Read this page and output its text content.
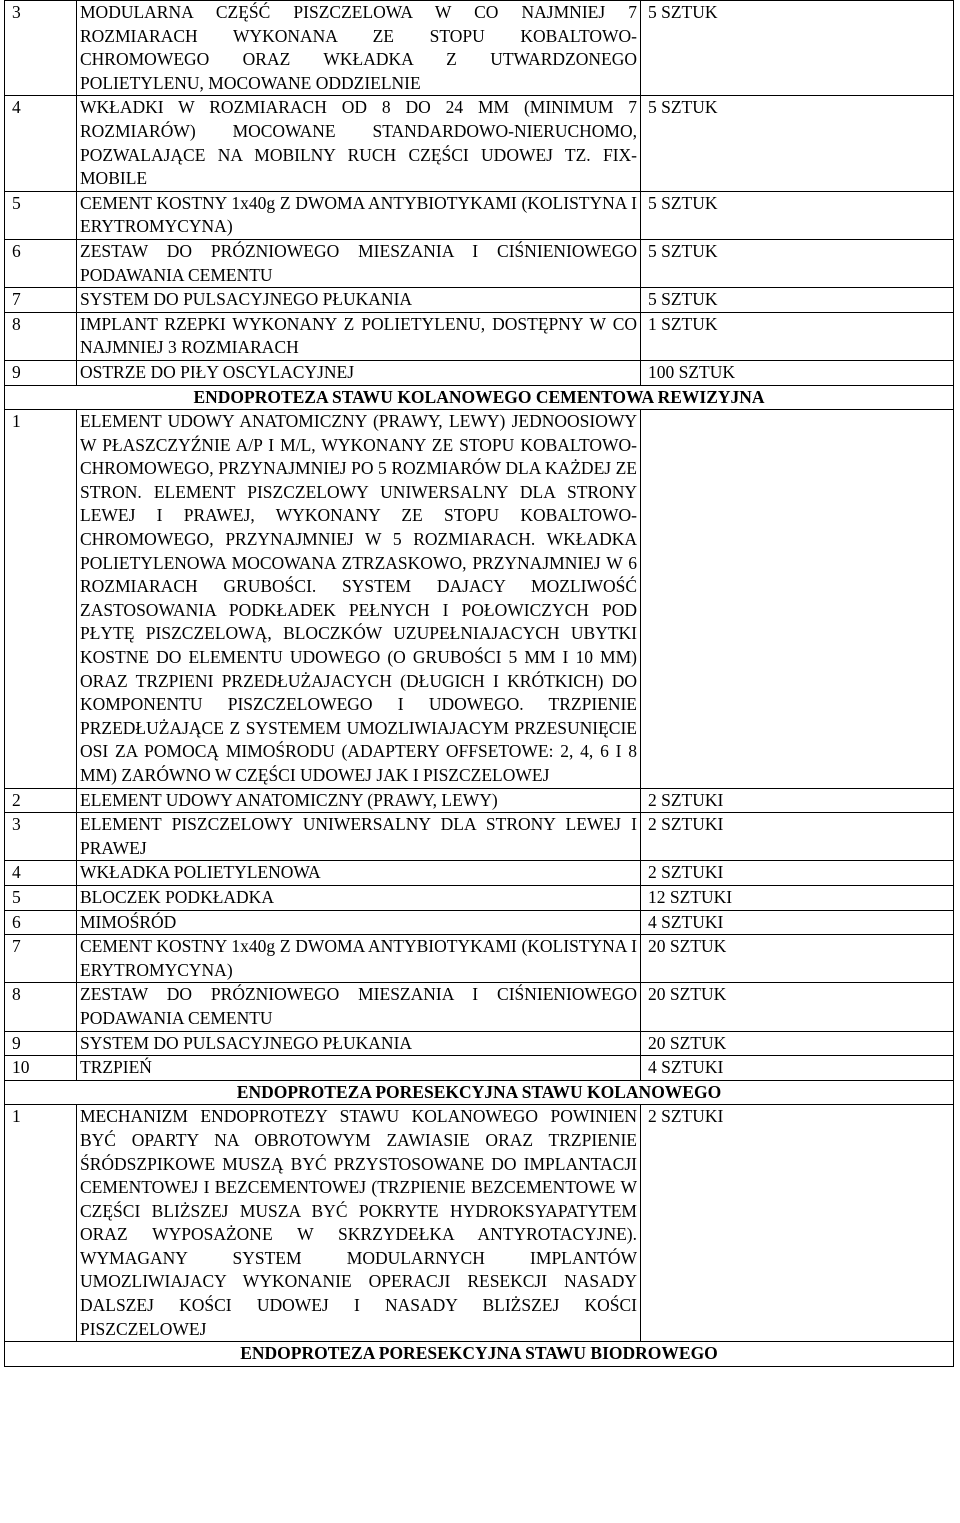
3	MODULARNA CZĘŚĆ PISZCZELOWA W CO NAJMNIEJ 7 ROZMIARACH WYKONANA ZE STOPU KOBALTOWO-CHROMOWEGO ORAZ WKŁADKA Z UTWARDZONEGO POLIETYLENU, MOCOWANE ODDZIELNIE	5 SZTUK
4	WKŁADKI W ROZMIARACH OD 8 DO 24 MM (MINIMUM 7 ROZMIARÓW) MOCOWANE STANDARDOWO-NIERUCHOMO, POZWALAJĄCE NA MOBILNY RUCH CZĘŚCI UDOWEJ TZ. FIX-MOBILE	5 SZTUK
5	CEMENT KOSTNY 1x40g Z DWOMA ANTYBIOTYKAMI (KOLISTYNA I ERYTROMYCYNA)	5 SZTUK
6	ZESTAW DO PRÓZNIOWEGO MIESZANIA I CIŚNIENIOWEGO PODAWANIA CEMENTU	5 SZTUK
7	SYSTEM DO PULSACYJNEGO PŁUKANIA	5 SZTUK
8	IMPLANT RZEPKI WYKONANY Z POLIETYLENU, DOSTĘPNY W CO NAJMNIEJ 3 ROZMIARACH	1 SZTUK
9	OSTRZE DO PIŁY OSCYLACYJNEJ	100 SZTUK
ENDOPROTEZA STAWU KOLANOWEGO CEMENTOWA REWIZYJNA		
1	ELEMENT UDOWY ANATOMICZNY (PRAWY, LEWY) JEDNOOSIOWY W PŁASZCZYŹNIE A/P I M/L, WYKONANY ZE STOPU KOBALTOWO-CHROMOWEGO, PRZYNAJMNIEJ PO 5 ROZMIARÓW DLA KAŻDEJ ZE STRON. ELEMENT PISZCZELOWY UNIWERSALNY DLA STRONY LEWEJ I PRAWEJ, WYKONANY ZE STOPU KOBALTOWO-CHROMOWEGO, PRZYNAJMNIEJ W 5 ROZMIARACH. WKŁADKA POLIETYLENOWA MOCOWANA ZTRZASKOWO, PRZYNAJMNIEJ W 6 ROZMIARACH GRUBOŚCI. SYSTEM DAJACY MOZLIWOŚĆ ZASTOSOWANIA PODKŁADEK PEŁNYCH I POŁOWICZYCH POD PŁYTĘ PISZCZELOWĄ, BLOCZKÓW UZUPEŁNIAJACYCH UBYTKI KOSTNE DO ELEMENTU UDOWEGO (O GRUBOŚCI 5 MM I 10 MM) ORAZ TRZPIENI PRZEDŁUŻAJACYCH (DŁUGICH I KRÓTKICH) DO KOMPONENTU PISZCZELOWEGO I UDOWEGO. TRZPIENIE PRZEDŁUŻAJĄCE Z SYSTEMEM UMOZLIWIAJACYM PRZESUNIĘCIE OSI ZA POMOCĄ MIMOŚRODU (ADAPTERY OFFSETOWE: 2, 4, 6 I 8 MM) ZARÓWNO W CZĘŚCI UDOWEJ JAK I PISZCZELOWEJ	
2	ELEMENT UDOWY ANATOMICZNY (PRAWY, LEWY)	2 SZTUKI
3	ELEMENT PISZCZELOWY UNIWERSALNY DLA STRONY LEWEJ I PRAWEJ	2 SZTUKI
4	WKŁADKA POLIETYLENOWA	2 SZTUKI
5	BLOCZEK PODKŁADKA	12 SZTUKI
6	MIMOŚRÓD	4 SZTUKI
7	CEMENT KOSTNY 1x40g Z DWOMA ANTYBIOTYKAMI (KOLISTYNA I ERYTROMYCYNA)	20 SZTUK
8	ZESTAW DO PRÓZNIOWEGO MIESZANIA I CIŚNIENIOWEGO PODAWANIA CEMENTU	20 SZTUK
9	SYSTEM DO PULSACYJNEGO PŁUKANIA	20 SZTUK
10	TRZPIEŃ	4 SZTUKI
ENDOPROTEZA PORESEKCYJNA STAWU KOLANOWEGO		
1	MECHANIZM ENDOPROTEZY STAWU KOLANOWEGO POWINIEN BYĆ OPARTY NA OBROTOWYM ZAWIASIE ORAZ TRZPIENIE ŚRÓDSZPIKOWE MUSZĄ BYĆ PRZYSTOSOWANE DO IMPLANTACJI CEMENTOWEJ I BEZCEMENTOWEJ (TRZPIENIE BEZCEMENTOWE W CZĘŚCI BLIŻSZEJ MUSZA BYĆ POKRYTE HYDROKSYAPATYTEM ORAZ WYPOSAŻONE W SKRZYDEŁKA ANTYROTACYJNE). WYMAGANY SYSTEM MODULARNYCH IMPLANTÓW UMOZLIWIAJACY WYKONANIE OPERACJI RESEKCJI NASADY DALSZEJ KOŚCI UDOWEJ I NASADY BLIŻSZEJ KOŚCI PISZCZELOWEJ	2 SZTUKI
ENDOPROTEZA PORESEKCYJNA STAWU BIODROWEGO		
